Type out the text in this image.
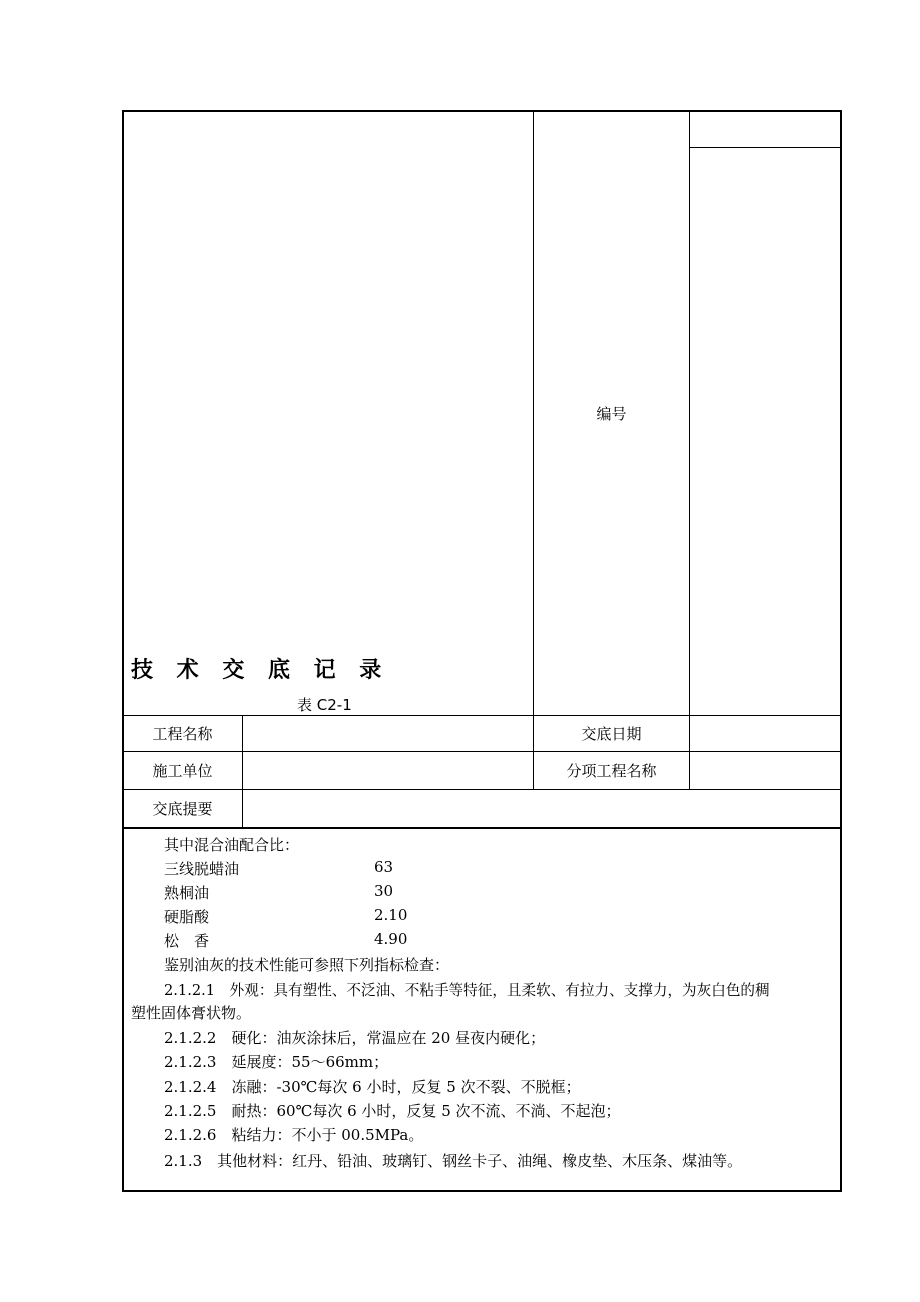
技 术 交 底 记 录
表 C2-1
编号
工程名称	交底日期
施工单位	分项工程名称
交底提要
其中混合油配合比：
三线脱蜡油	63
熟桐油	30
硬脂酸	2.10
松　香	4.90
鉴别油灰的技术性能可参照下列指标检查：
2.1.2.1　外观：具有塑性、不泛油、不粘手等特征，且柔软、有拉力、支撑力，为灰白色的稠
塑性固体膏状物。
2.1.2.2　硬化：油灰涂抹后，常温应在 20 昼夜内硬化；
2.1.2.3　延展度：55～66mm；
2.1.2.4　冻融：-30℃每次 6 小时，反复 5 次不裂、不脱框；
2.1.2.5　耐热：60℃每次 6 小时，反复 5 次不流、不淌、不起泡；
2.1.2.6　粘结力：不小于 00.5MPa。
2.1.3　其他材料：红丹、铅油、玻璃钉、钢丝卡子、油绳、橡皮垫、木压条、煤油等。
